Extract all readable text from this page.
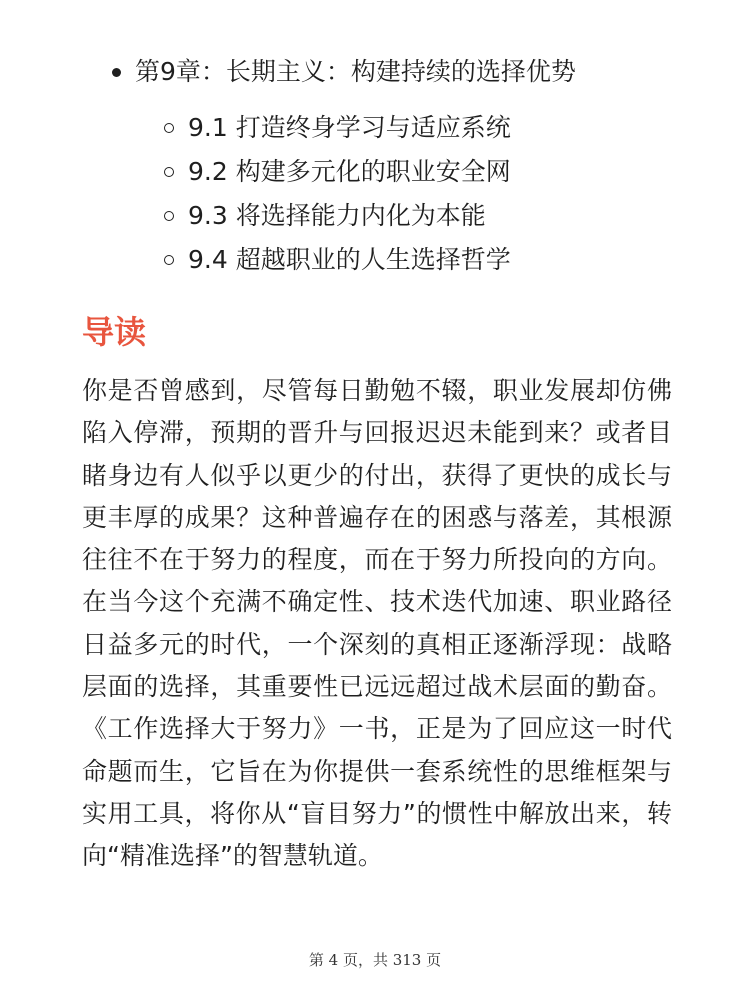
第9章：长期主义：构建持续的选择优势
9.1 打造终身学习与适应系统
9.2 构建多元化的职业安全网
9.3 将选择能力内化为本能
9.4 超越职业的人生选择哲学
导读

你是否曾感到，尽管每日勤勉不辍，职业发展却仿佛陷入停滞，预期的晋升与回报迟迟未能到来？或者目睹身边有人似乎以更少的付出，获得了更快的成长与更丰厚的成果？这种普遍存在的困惑与落差，其根源往往不在于努力的程度，而在于努力所投向的方向。在当今这个充满不确定性、技术迭代加速、职业路径日益多元的时代，一个深刻的真相正逐渐浮现：战略层面的选择，其重要性已远远超过战术层面的勤奋。《工作选择大于努力》一书，正是为了回应这一时代命题而生，它旨在为你提供一套系统性的思维框架与实用工具，将你从“盲目努力”的惯性中解放出来，转向“精准选择”的智慧轨道。

第 4 页，共 313 页
